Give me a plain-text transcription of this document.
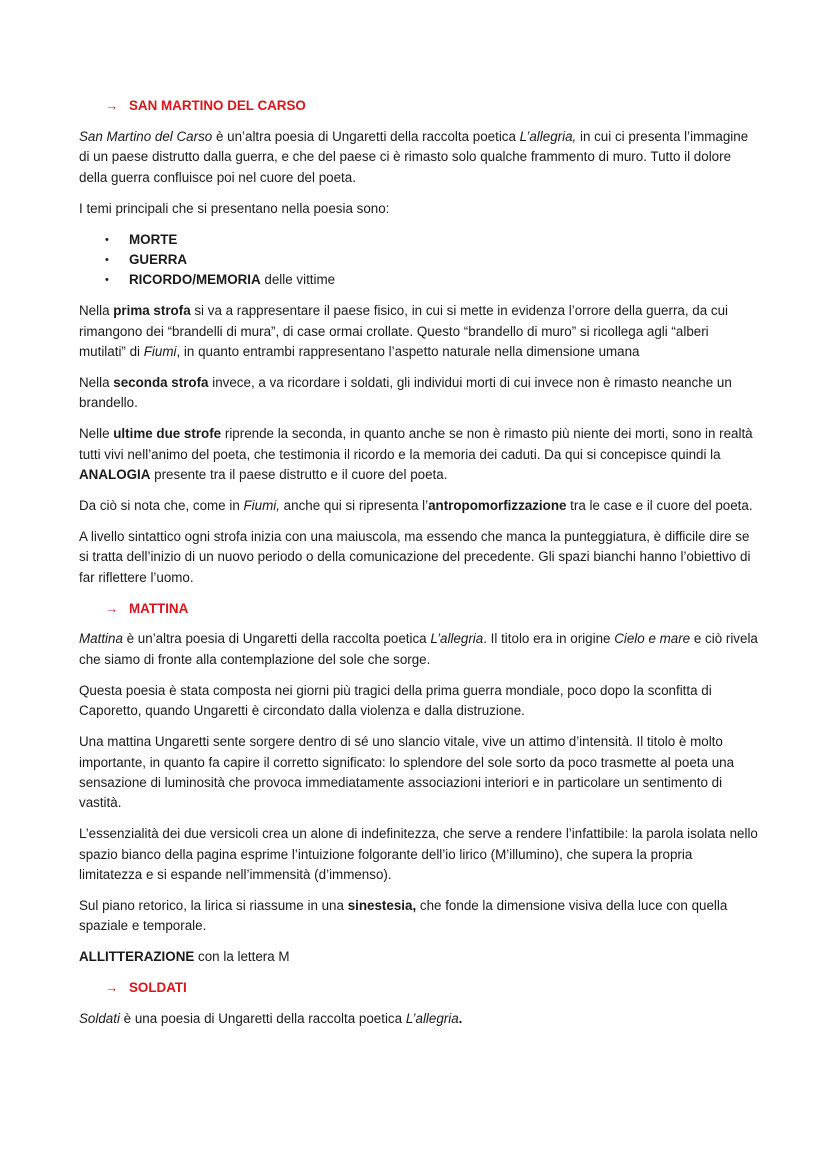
→ SAN MARTINO DEL CARSO

San Martino del Carso è un’altra poesia di Ungaretti della raccolta poetica L’allegria, in cui ci presenta l’immagine di un paese distrutto dalla guerra, e che del paese ci è rimasto solo qualche frammento di muro. Tutto il dolore della guerra confluisce poi nel cuore del poeta.

I temi principali che si presentano nella poesia sono:

•	MORTE
•	GUERRA
•	RICORDO/MEMORIA delle vittime

Nella prima strofa si va a rappresentare il paese fisico, in cui si mette in evidenza l’orrore della guerra, da cui rimangono dei “brandelli di mura”, di case ormai crollate. Questo “brandello di muro” si ricollega agli “alberi mutilati” di Fiumi, in quanto entrambi rappresentano l’aspetto naturale nella dimensione umana

Nella seconda strofa invece, a va ricordare i soldati, gli individui morti di cui invece non è rimasto neanche un brandello.

Nelle ultime due strofe riprende la seconda, in quanto anche se non è rimasto più niente dei morti, sono in realtà tutti vivi nell’animo del poeta, che testimonia il ricordo e la memoria dei caduti. Da qui si concepisce quindi la ANALOGIA presente tra il paese distrutto e il cuore del poeta.

Da ciò si nota che, come in Fiumi, anche qui si ripresenta l’antropomorfizzazione tra le case e il cuore del poeta.

A livello sintattico ogni strofa inizia con una maiuscola, ma essendo che manca la punteggiatura, è difficile dire se si tratta dell’inizio di un nuovo periodo o della comunicazione del precedente. Gli spazi bianchi hanno l’obiettivo di far riflettere l’uomo.

→ MATTINA

Mattina è un’altra poesia di Ungaretti della raccolta poetica L’allegria. Il titolo era in origine Cielo e mare e ciò rivela che siamo di fronte alla contemplazione del sole che sorge.

Questa poesia è stata composta nei giorni più tragici della prima guerra mondiale, poco dopo la sconfitta di Caporetto, quando Ungaretti è circondato dalla violenza e dalla distruzione.

Una mattina Ungaretti sente sorgere dentro di sé uno slancio vitale, vive un attimo d’intensità. Il titolo è molto importante, in quanto fa capire il corretto significato: lo splendore del sole sorto da poco trasmette al poeta una sensazione di luminosità che provoca immediatamente associazioni interiori e in particolare un sentimento di vastità.

L’essenzialità dei due versicoli crea un alone di indefinitezza, che serve a rendere l’infattibile: la parola isolata nello spazio bianco della pagina esprime l’intuizione folgorante dell’io lirico (M’illumino), che supera la propria limitatezza e si espande nell’immensità (d’immenso).

Sul piano retorico, la lirica si riassume in una sinestesia, che fonde la dimensione visiva della luce con quella spaziale e temporale.

ALLITTERAZIONE con la lettera M

→ SOLDATI

Soldati è una poesia di Ungaretti della raccolta poetica L’allegria.
